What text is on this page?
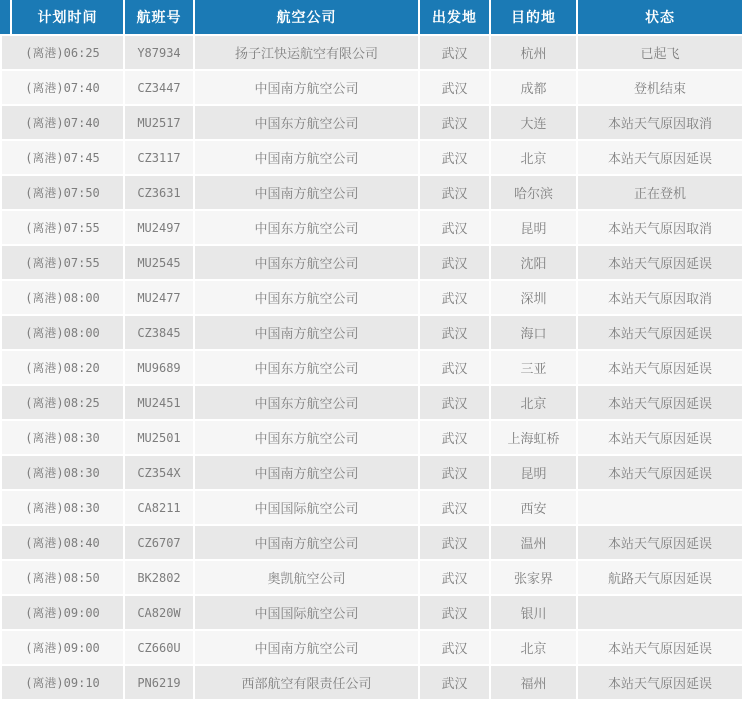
计划时间	航班号	航空公司	出发地	目的地	状态
(离港)06:25	Y87934	扬子江快运航空有限公司	武汉	杭州	已起飞
(离港)07:40	CZ3447	中国南方航空公司	武汉	成都	登机结束
(离港)07:40	MU2517	中国东方航空公司	武汉	大连	本站天气原因取消
(离港)07:45	CZ3117	中国南方航空公司	武汉	北京	本站天气原因延误
(离港)07:50	CZ3631	中国南方航空公司	武汉	哈尔滨	正在登机
(离港)07:55	MU2497	中国东方航空公司	武汉	昆明	本站天气原因取消
(离港)07:55	MU2545	中国东方航空公司	武汉	沈阳	本站天气原因延误
(离港)08:00	MU2477	中国东方航空公司	武汉	深圳	本站天气原因取消
(离港)08:00	CZ3845	中国南方航空公司	武汉	海口	本站天气原因延误
(离港)08:20	MU9689	中国东方航空公司	武汉	三亚	本站天气原因延误
(离港)08:25	MU2451	中国东方航空公司	武汉	北京	本站天气原因延误
(离港)08:30	MU2501	中国东方航空公司	武汉	上海虹桥	本站天气原因延误
(离港)08:30	CZ354X	中国南方航空公司	武汉	昆明	本站天气原因延误
(离港)08:30	CA8211	中国国际航空公司	武汉	西安
(离港)08:40	CZ6707	中国南方航空公司	武汉	温州	本站天气原因延误
(离港)08:50	BK2802	奥凯航空公司	武汉	张家界	航路天气原因延误
(离港)09:00	CA820W	中国国际航空公司	武汉	银川
(离港)09:00	CZ660U	中国南方航空公司	武汉	北京	本站天气原因延误
(离港)09:10	PN6219	西部航空有限责任公司	武汉	福州	本站天气原因延误
